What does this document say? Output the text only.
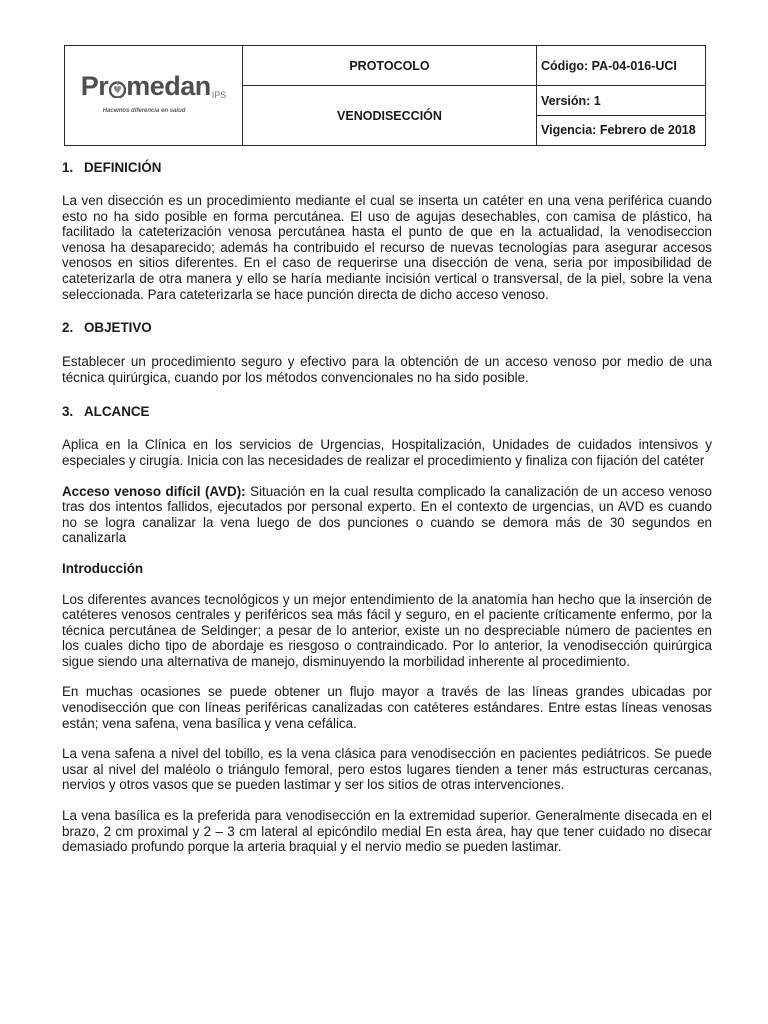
Pr medanIPS
Hacemos diferencia en salud	PROTOCOLO	Código: PA-04-016-UCI
	VENODISECCIÓN	Versión: 1
		Vigencia: Febrero de 2018
1. DEFINICIÓN

La ven disección es un procedimiento mediante el cual se inserta un catéter en una vena periférica cuando esto no ha sido posible en forma percutánea. El uso de agujas desechables, con camisa de plástico, ha facilitado la cateterización venosa percutánea hasta el punto de que en la actualidad, la venodiseccion venosa ha desaparecido; además ha contribuido el recurso de nuevas tecnologías para asegurar accesos venosos en sitios diferentes. En el caso de requerirse una disección de vena, seria por imposibilidad de cateterizarla de otra manera y ello se haría mediante incisión vertical o transversal, de la piel, sobre la vena seleccionada. Para cateterizarla se hace punción directa de dicho acceso venoso.

2. OBJETIVO

Establecer un procedimiento seguro y efectivo para la obtención de un acceso venoso por medio de una técnica quirúrgica, cuando por los métodos convencionales no ha sido posible.

3. ALCANCE

Aplica en la Clínica en los servicios de Urgencias, Hospitalización, Unidades de cuidados intensivos y especiales y cirugía. Inicia con las necesidades de realizar el procedimiento y finaliza con fijación del catéter

Acceso venoso difícil (AVD): Situación en la cual resulta complicado la canalización de un acceso venoso tras dos intentos fallidos, ejecutados por personal experto. En el contexto de urgencias, un AVD es cuando no se logra canalizar la vena luego de dos punciones o cuando se demora más de 30 segundos en canalizarla

Introducción

Los diferentes avances tecnológicos y un mejor entendimiento de la anatomía han hecho que la inserción de catéteres venosos centrales y periféricos sea más fácil y seguro, en el paciente críticamente enfermo, por la técnica percutánea de Seldinger; a pesar de lo anterior, existe un no despreciable número de pacientes en los cuales dicho tipo de abordaje es riesgoso o contraindicado. Por lo anterior, la venodisección quirúrgica sigue siendo una alternativa de manejo, disminuyendo la morbilidad inherente al procedimiento.

En muchas ocasiones se puede obtener un flujo mayor a través de las líneas grandes ubicadas por venodisección que con líneas periféricas canalizadas con catéteres estándares. Entre estas líneas venosas están; vena safena, vena basílica y vena cefálica.

La vena safena a nivel del tobillo, es la vena clásica para venodisección en pacientes pediátricos. Se puede usar al nivel del maléolo o triángulo femoral, pero estos lugares tienden a tener más estructuras cercanas, nervios y otros vasos que se pueden lastimar y ser los sitios de otras intervenciones.

La vena basílica es la preferida para venodisección en la extremidad superior. Generalmente disecada en el brazo, 2 cm proximal y 2 – 3 cm lateral al epicóndilo medial En esta área, hay que tener cuidado no disecar demasiado profundo porque la arteria braquial y el nervio medio se pueden lastimar.
